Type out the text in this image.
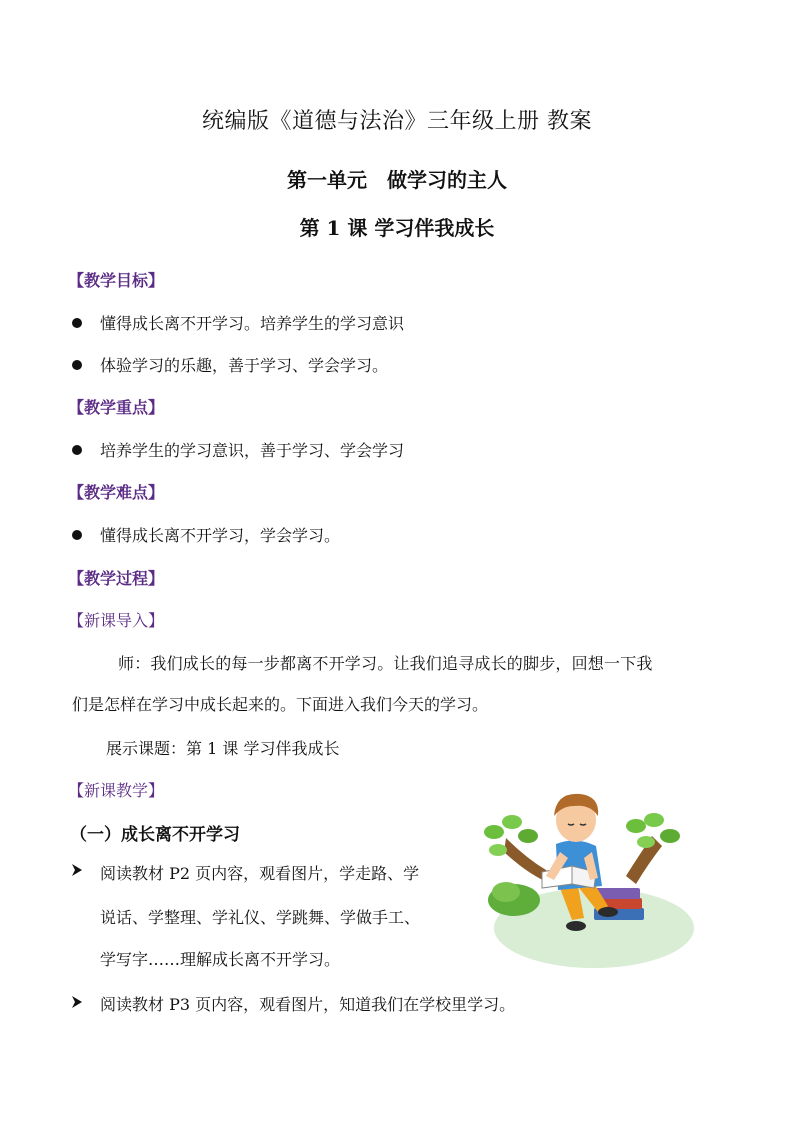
统编版《道德与法治》三年级上册 教案
第一单元　做学习的主人
第 1 课 学习伴我成长
【教学目标】
懂得成长离不开学习。培养学生的学习意识
体验学习的乐趣，善于学习、学会学习。
【教学重点】
培养学生的学习意识，善于学习、学会学习
【教学难点】
懂得成长离不开学习，学会学习。
【教学过程】
【新课导入】
师：我们成长的每一步都离不开学习。让我们追寻成长的脚步，回想一下我
们是怎样在学习中成长起来的。下面进入我们今天的学习。
展示课题：第 1 课 学习伴我成长
【新课教学】
（一）成长离不开学习
阅读教材 P2 页内容，观看图片，学走路、学
说话、学整理、学礼仪、学跳舞、学做手工、
学写字……理解成长离不开学习。
阅读教材 P3 页内容，观看图片，知道我们在学校里学习。
